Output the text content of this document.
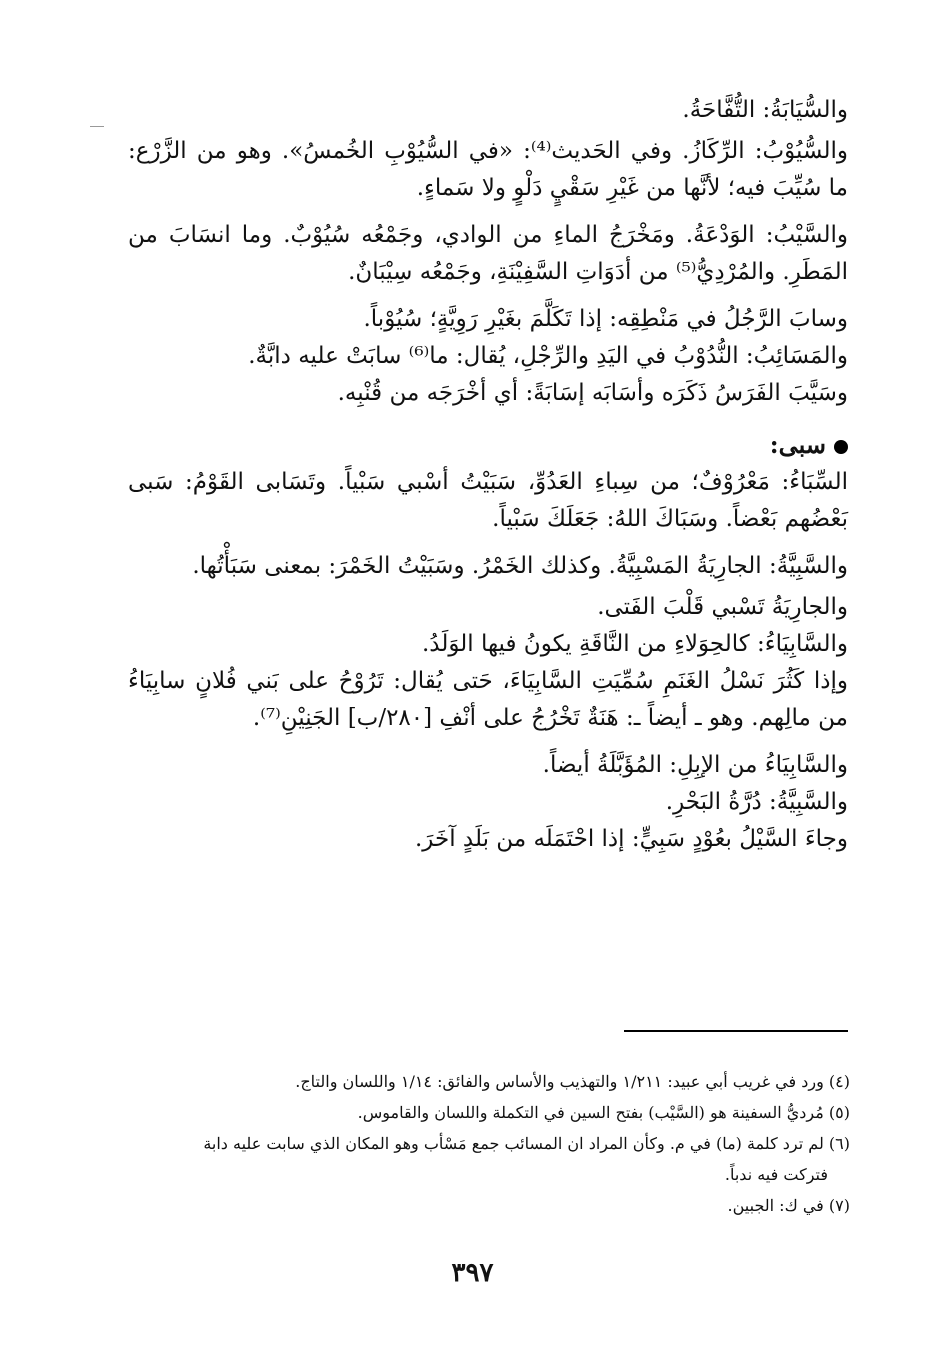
والسُّيَابَةُ: التُّفَّاحَةُ.

والسُّيُوْبُ: الرِّكَازُ. وفي الحَديث⁽⁴⁾: «في السُّيُوْبِ الخُمسُ». وهو من الزَّرْع: ما سُيِّبَ فيه؛ لأنَّها من غَيْرِ سَقْيٍ دَلْوٍ ولا سَماءٍ.

والسَّيْبُ: الوَدْعَةُ. ومَخْرَجُ الماءِ من الوادي، وجَمْعُه سُيُوْبٌ. وما انسَابَ من المَطَرِ. والمُرْدِيُّ⁽⁵⁾ من أدَوَاتِ السَّفِيْنَةِ، وجَمْعُه سِيْبَانٌ.

وسابَ الرَّجُلُ في مَنْطِقِه: إذا تَكَلَّمَ بغَيْرِ رَوِيَّةٍ؛ سُيُوْباً.

والمَسَائِبُ: النُّدُوْبُ في اليَدِ والرِّجْلِ، يُقال: ما⁽⁶⁾ سابَتْ عليه دابَّةٌ.

وسَيَّبَ الفَرَسُ ذَكَرَه وأسَابَه إسَابَةً: أي أخْرَجَه من قُنْبِه.

سبى:

السِّبَاءُ: مَعْرُوْفٌ؛ من سِباءِ العَدُوِّ، سَبَيْتُ أسْبي سَبْياً. وتَسَابى القَوْمُ: سَبى بَعْضُهم بَعْضاً. وسَبَاكَ اللهُ: جَعَلَكَ سَبْياً.

والسَّبِيَّةُ: الجارِيَةُ المَسْبِيَّةُ. وكذلك الخَمْرُ. وسَبَيْتُ الخَمْرَ: بمعنى سَبَأْتُها.

والجارِيَةُ تَسْبي قَلْبَ الفَتى.

والسَّابِيَاءُ: كالحِوَلاءِ من النَّاقَةِ يكونُ فيها الوَلَدُ.

وإذا كَثُرَ نَسْلُ الغَنَمِ سُمِّيَتِ السَّابِيَاءَ، حَتى يُقال: تَرُوْحُ على بَني فُلانٍ سابِيَاءُ من مالِهم. وهو ـ أيضاً ـ: هَنَةٌ تَخْرُجُ على أنْفِ [٢٨٠/ب] الجَنِيْنِ⁽⁷⁾.

والسَّابِيَاءُ من الإبِلِ: المُؤَبَّلَةُ أيضاً.

والسَّبِيَّةُ: دُرَّةُ البَحْرِ.

وجاءَ السَّيْلُ بعُوْدٍ سَبِيٍّ: إذا احْتَمَلَه من بَلَدٍ آخَرَ.

(٤) ورد في غريب أبي عبيد: ١/٢١١ والتهذيب والأساس والفائق: ١/١٤ واللسان والتاج.

(٥) مُرديُّ السفينة هو (السَّيْب) بفتح السين في التكملة واللسان والقاموس.

(٦) لم ترد كلمة (ما) في م. وكأن المراد ان المسائب جمع مَسْأب وهو المكان الذي سابت عليه دابة

فتركت فيه ندباً.

(٧) في ك: الجبين.

٣٩٧
